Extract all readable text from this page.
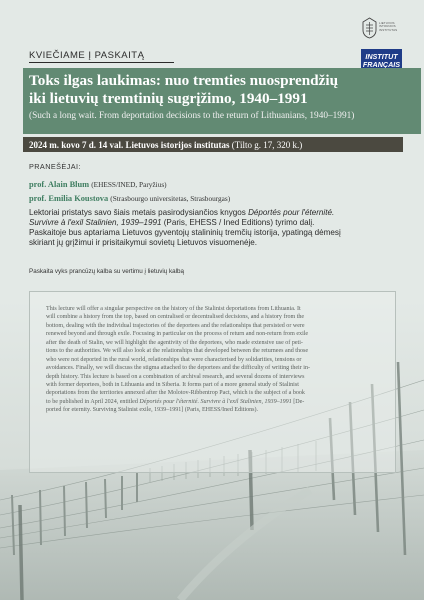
LIETUVOS ISTORIJOS INSTITUTAS
INSTITUT
FRANÇAIS
KVIEČIAME Į PASKAITĄ
Toks ilgas laukimas: nuo tremties nuosprendžių
iki lietuvių tremtinių sugrįžimo, 1940–1991
(Such a long wait. From deportation decisions to the return of Lithuanians, 1940–1991)
2024 m. kovo 7 d. 14 val. Lietuvos istorijos institutas (Tilto g. 17, 320 k.)
PRANEŠĖJAI:
prof. Alain Blum (EHESS/INED, Paryžius)
prof. Emilia Koustova (Strasbourgo universitetas, Strasbourgas)
Lektoriai pristatys savo šiais metais pasirodysiančios knygos Déportés pour l'éternité.
Survivre à l'exil Stalinien, 1939–1991 (Paris, EHESS / Ined Editions) tyrimo dalį.
Paskaitoje bus aptariama Lietuvos gyventojų stalininių tremčių istorija, ypatingą dėmesį
skiriant jų grįžimui ir prisitaikymui sovietų Lietuvos visuomenėje.
Paskaita vyks prancūzų kalba su vertimu į lietuvių kalbą
This lecture will offer a singular perspective on the history of the Stalinist deportations from Lithuania. It
will combine a history from the top, based on centralised or decentralised decisions, and a history from the
bottom, dealing with the individual trajectories of the deportees and the relationships that persisted or were
renewed beyond and through exile. Focusing in particular on the process of return and non-return from exile
after the death of Stalin, we will highlight the agentivity of the deportees, who made extensive use of peti-
tions to the authorities. We will also look at the relationships that developed between the returnees and those
who were not deported in the rural world, relationships that were characterised by solidarities, tensions or
avoidances. Finally, we will discuss the stigma attached to the deportees and the difficulty of writing their in-
depth history. This lecture is based on a combination of archival research, and several dozens of interviews
with former deportees, both in Lithuania and in Siberia. It forms part of a more general study of Stalinist
deportations from the territories annexed after the Molotov-Ribbentrop Pact, which is the subject of a book
to be published in April 2024, entitled Déportés pour l'éternité. Survivre à l'exil Stalinien, 1939–1991 [De-
ported for eternity. Surviving Stalinist exile, 1939–1991] (Paris, EHESS/Ined Editions).
